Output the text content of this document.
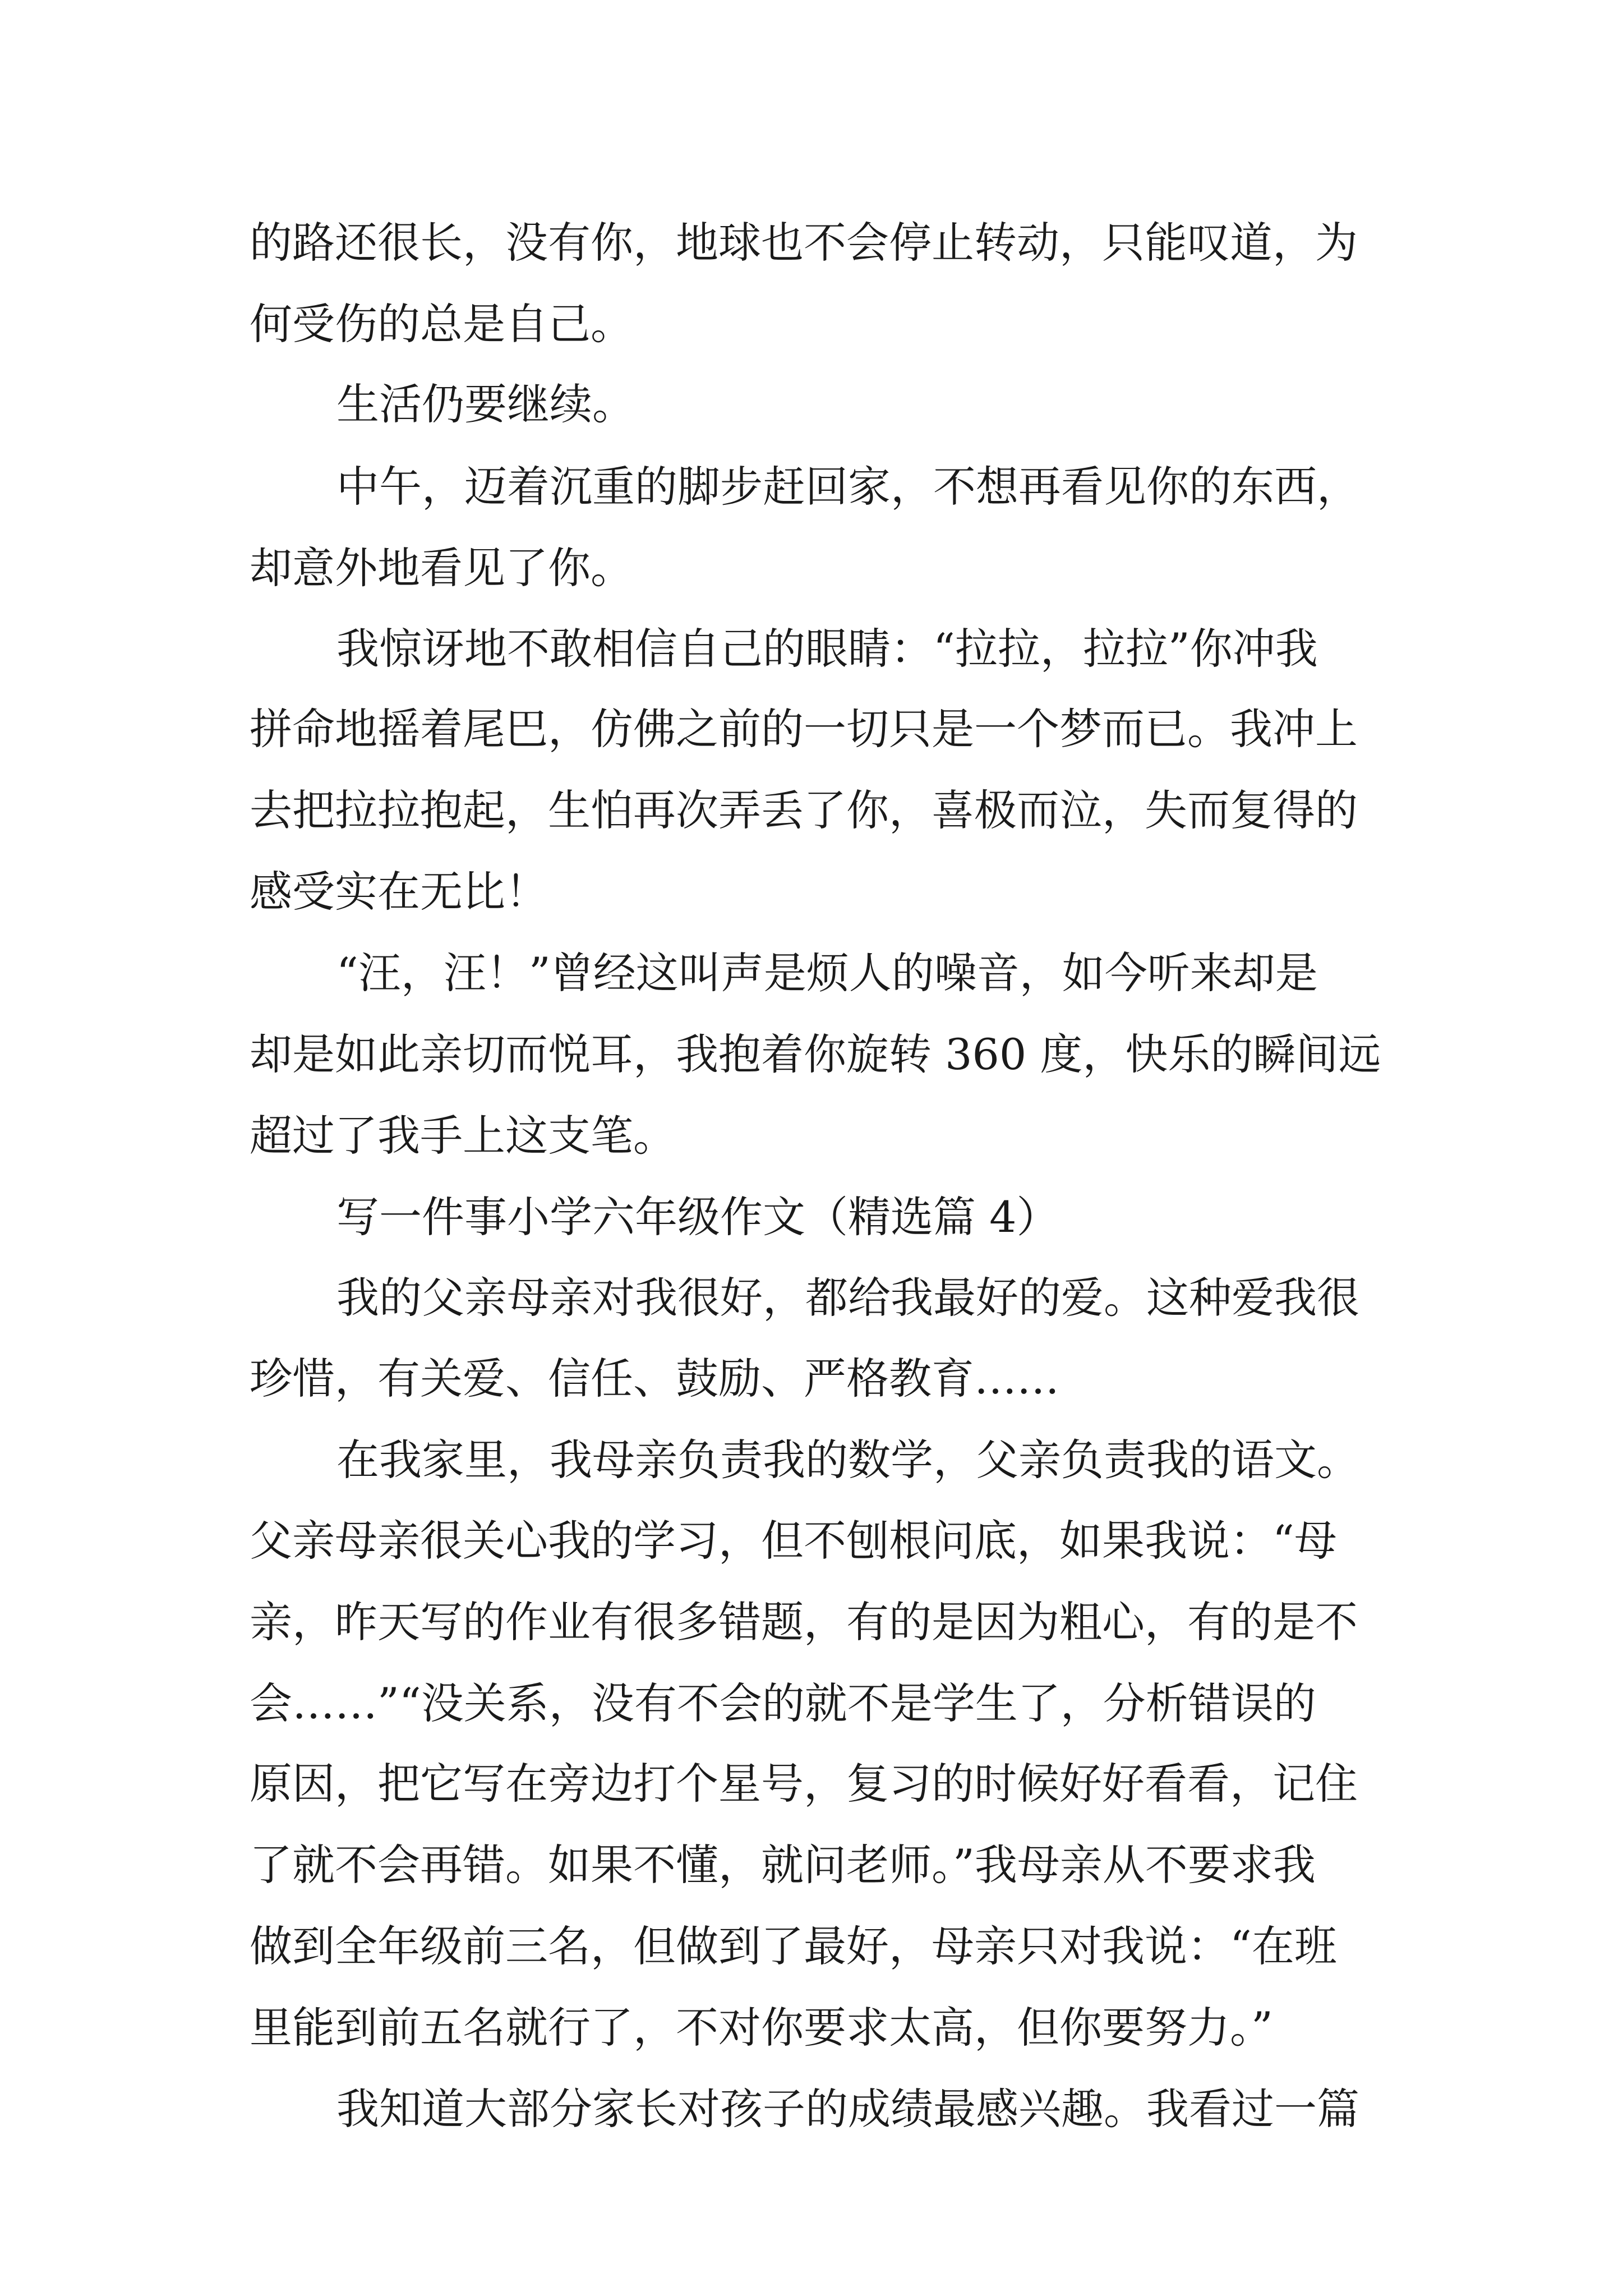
的路还很长，没有你，地球也不会停止转动，只能叹道，为

何受伤的总是自己。

生活仍要继续。

中午，迈着沉重的脚步赶回家，不想再看见你的东西，

却意外地看见了你。

我惊讶地不敢相信自己的眼睛：“拉拉，拉拉”你冲我

拼命地摇着尾巴，仿佛之前的一切只是一个梦而已。我冲上

去把拉拉抱起，生怕再次弄丢了你，喜极而泣，失而复得的

感受实在无比！

“汪，汪！”曾经这叫声是烦人的噪音，如今听来却是

却是如此亲切而悦耳，我抱着你旋转 360 度，快乐的瞬间远

超过了我手上这支笔。

写一件事小学六年级作文（精选篇 4）

我的父亲母亲对我很好，都给我最好的爱。这种爱我很

珍惜，有关爱、信任、鼓励、严格教育……

在我家里，我母亲负责我的数学，父亲负责我的语文。

父亲母亲很关心我的学习，但不刨根问底，如果我说：“母

亲，昨天写的作业有很多错题，有的是因为粗心，有的是不

会……”“没关系，没有不会的就不是学生了，分析错误的

原因，把它写在旁边打个星号，复习的时候好好看看，记住

了就不会再错。如果不懂，就问老师。”我母亲从不要求我

做到全年级前三名，但做到了最好，母亲只对我说：“在班

里能到前五名就行了，不对你要求太高，但你要努力。”

我知道大部分家长对孩子的成绩最感兴趣。我看过一篇
